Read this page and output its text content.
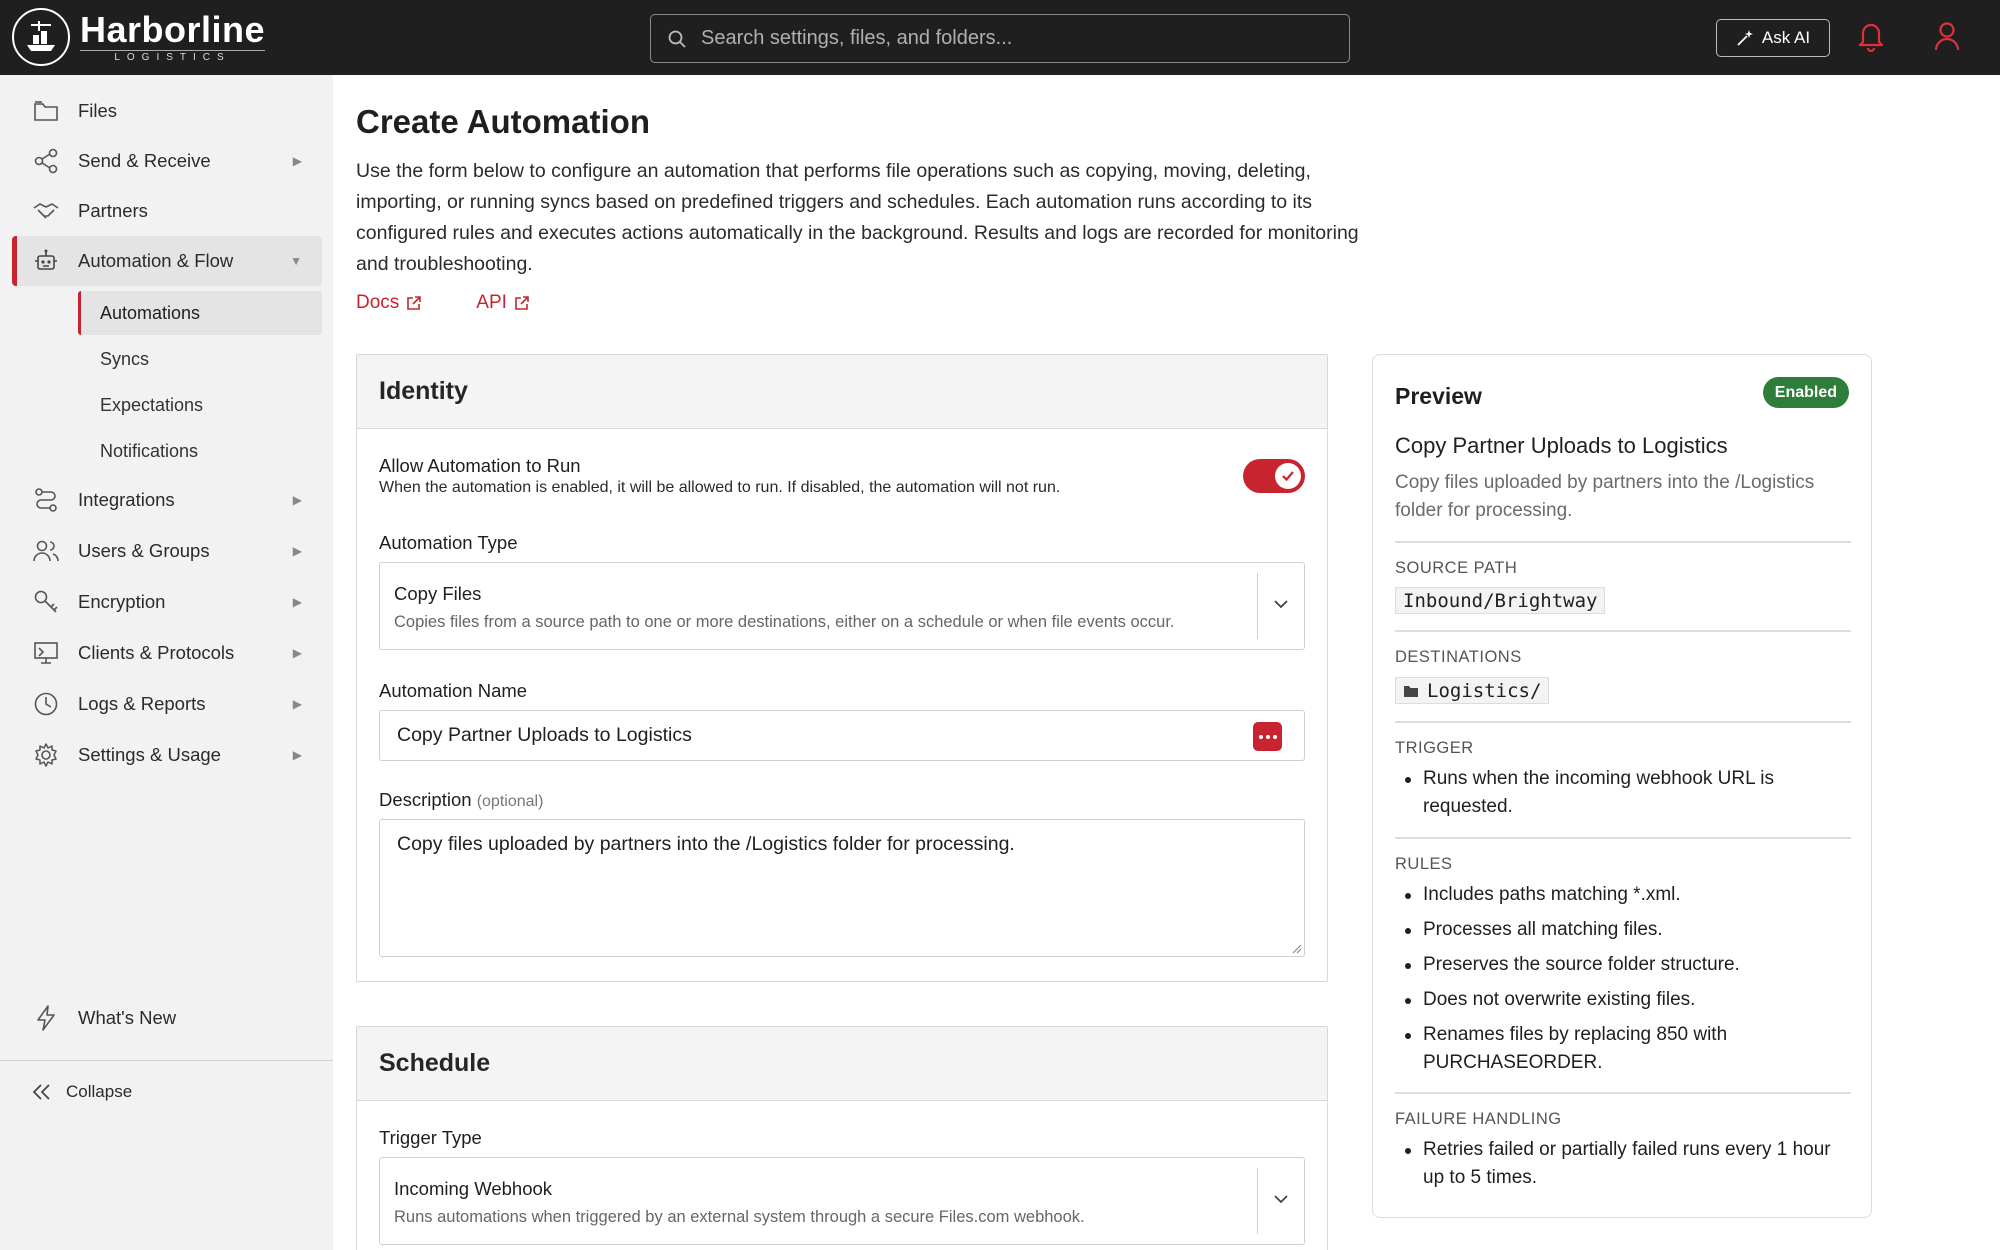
Harborline
LOGISTICS
Search settings, files, and folders...
Ask AI
Files
Send & Receive	▶
Partners
Automation & Flow	▼
Automations
Syncs
Expectations
Notifications
Integrations	▶
Users & Groups	▶
Encryption	▶
Clients & Protocols	▶
Logs & Reports	▶
Settings & Usage	▶
What's New
Collapse
Create Automation
Use the form below to configure an automation that performs file operations such as copying, moving, deleting, importing, or running syncs based on predefined triggers and schedules. Each automation runs according to its configured rules and executes actions automatically in the background. Results and logs are recorded for monitoring and troubleshooting.
Docs	API
Identity
Allow Automation to Run
When the automation is enabled, it will be allowed to run. If disabled, the automation will not run.
Automation Type
Copy Files
Copies files from a source path to one or more destinations, either on a schedule or when file events occur.
Automation Name
Copy Partner Uploads to Logistics
Description (optional)
Copy files uploaded by partners into the /Logistics folder for processing.
Schedule
Trigger Type
Incoming Webhook
Runs automations when triggered by an external system through a secure Files.com webhook.
Preview	Enabled
Copy Partner Uploads to Logistics
Copy files uploaded by partners into the /Logistics folder for processing.
SOURCE PATH
Inbound/Brightway
DESTINATIONS
Logistics/
TRIGGER
Runs when the incoming webhook URL is requested.
RULES
Includes paths matching *.xml.
Processes all matching files.
Preserves the source folder structure.
Does not overwrite existing files.
Renames files by replacing 850 with PURCHASEORDER.
FAILURE HANDLING
Retries failed or partially failed runs every 1 hour up to 5 times.
